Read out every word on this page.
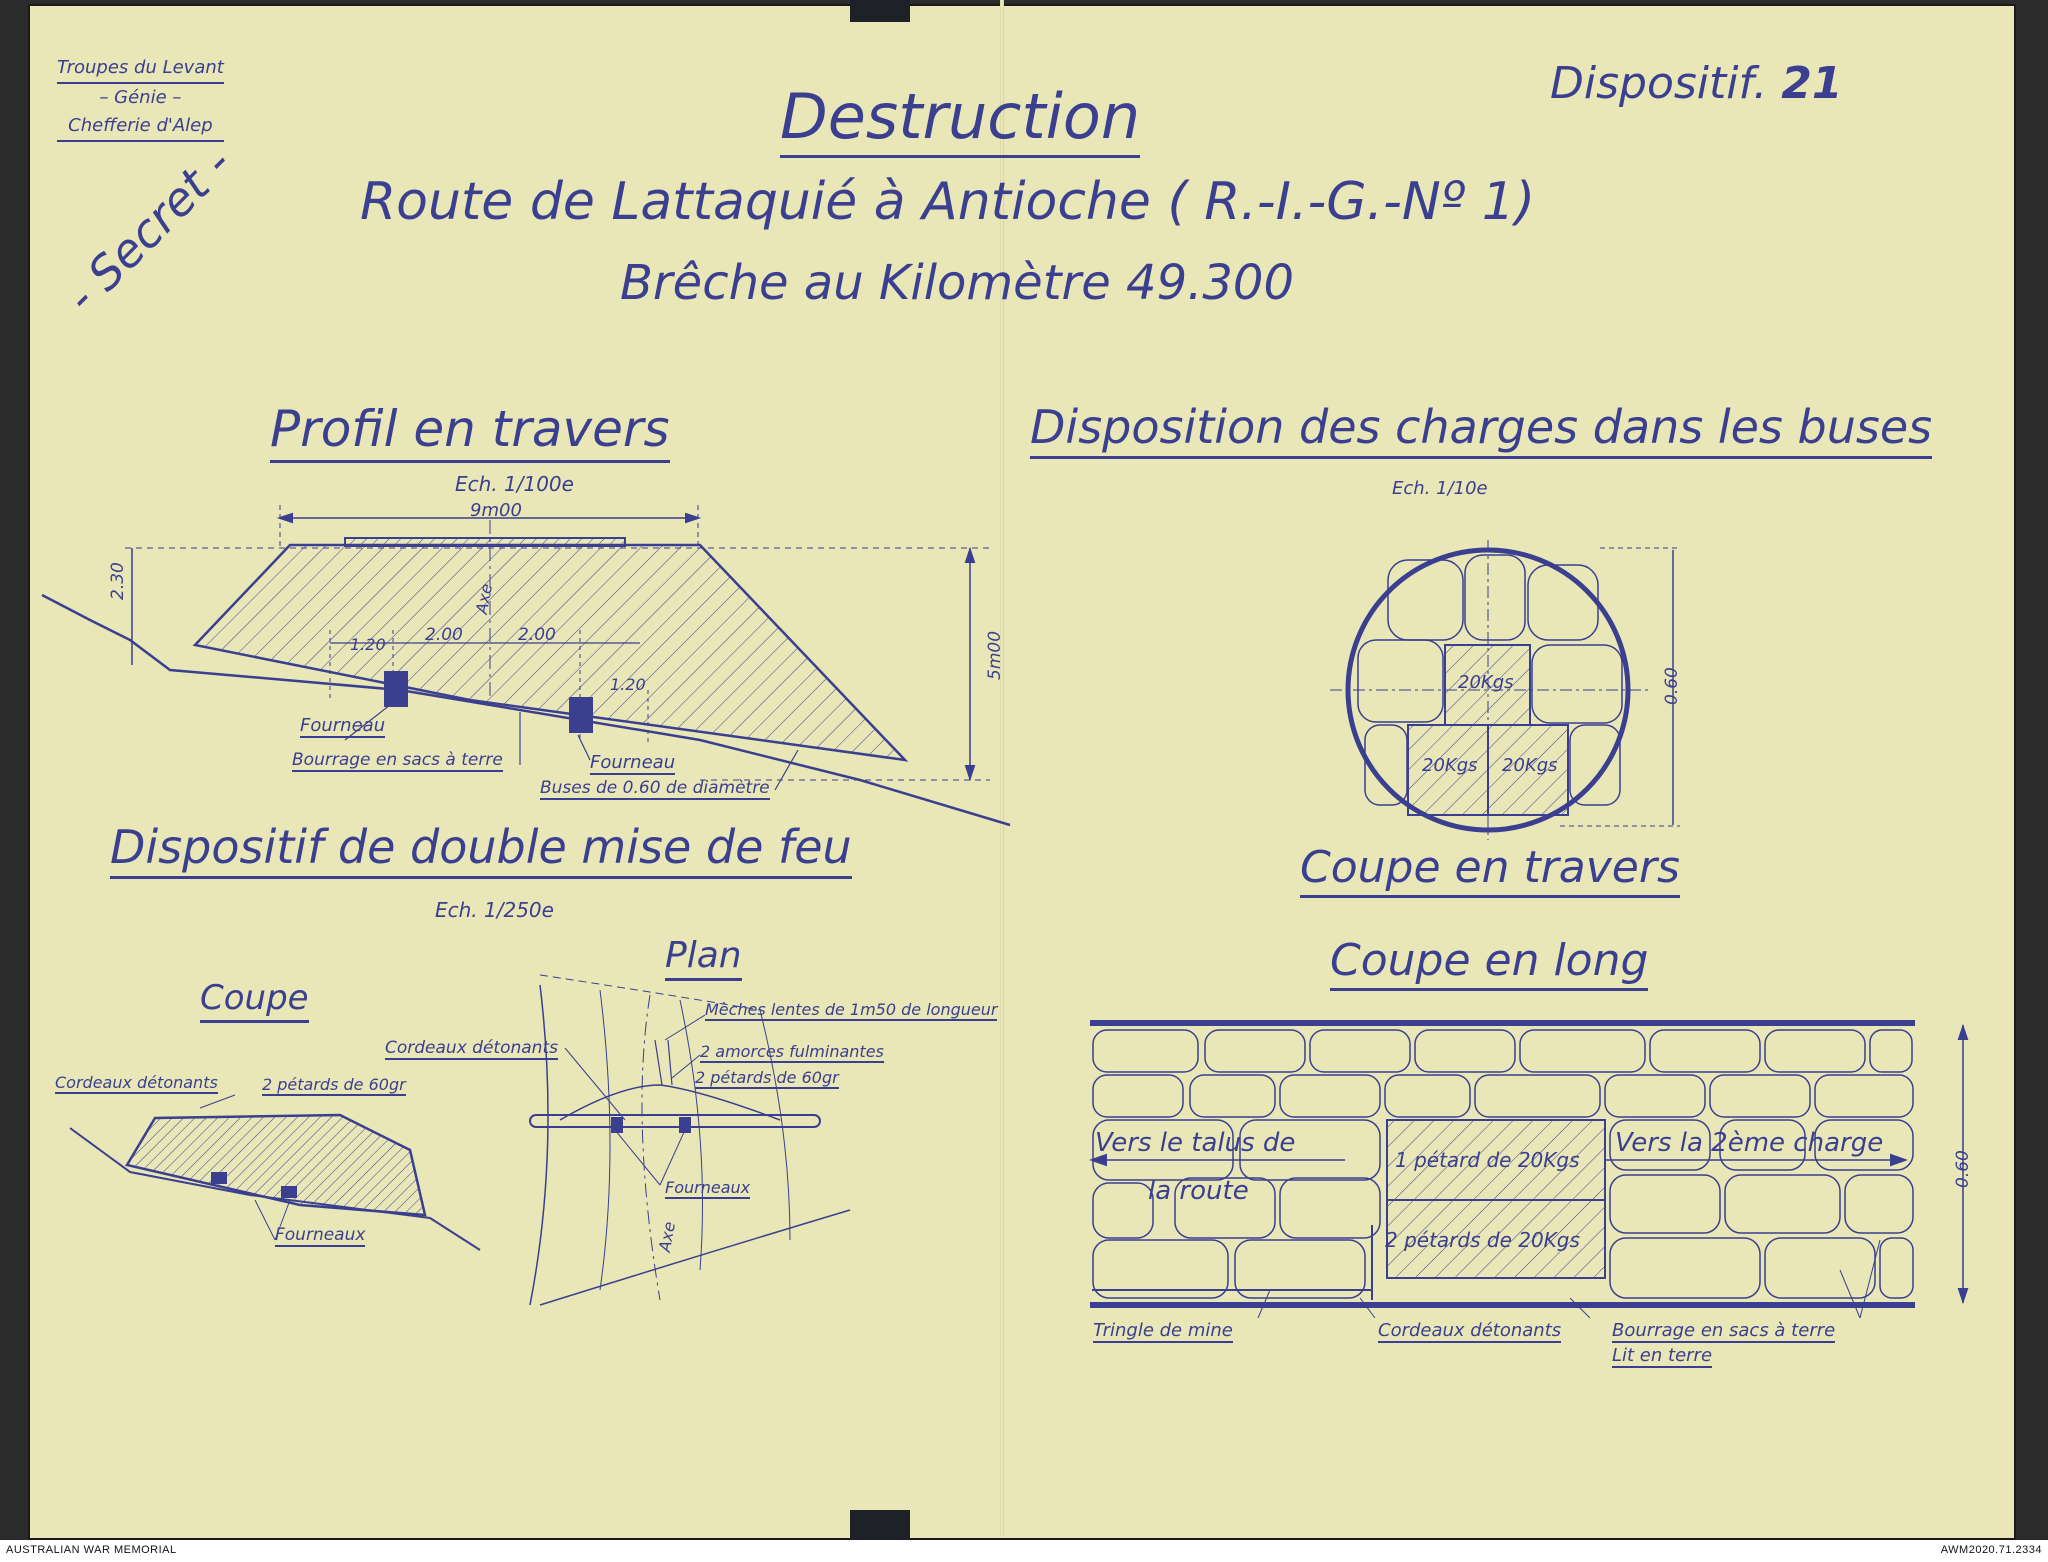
Troupes du Levant
– Génie –
Chefferie d'Alep
- Secret -
Dispositif. 21
Destruction
Route de Lattaquié à Antioche ( R.-I.-G.-Nº 1)
Brêche au Kilomètre 49.300
Profil en travers
Ech. 1/100e
9m00
2.30
5m00
1.20 2.00	2.00
1.20
Axe
Fourneau
Bourrage en sacs à terre	Fourneau
Buses de 0.60 de diamètre
Dispositif de double mise de feu
Ech. 1/250e
Coupe
Plan
Cordeaux détonants	2 pétards de 60gr
Fourneaux
Mèches lentes de 1m50 de longueur
Cordeaux détonants	2 amorces fulminantes
2 pétards de 60gr
Fourneaux
Axe
Disposition des charges dans les buses
Ech. 1/10e
20Kgs
20Kgs 20Kgs
0.60
Coupe en travers
Coupe en long
Vers le talus de
la route
Vers la 2ème charge
1 pétard de 20Kgs
2 pétards de 20Kgs
0.60
Tringle de mine	Cordeaux détonants	Bourrage en sacs à terre
Lit en terre
AUSTRALIAN WAR MEMORIAL	AWM2020.71.2334
